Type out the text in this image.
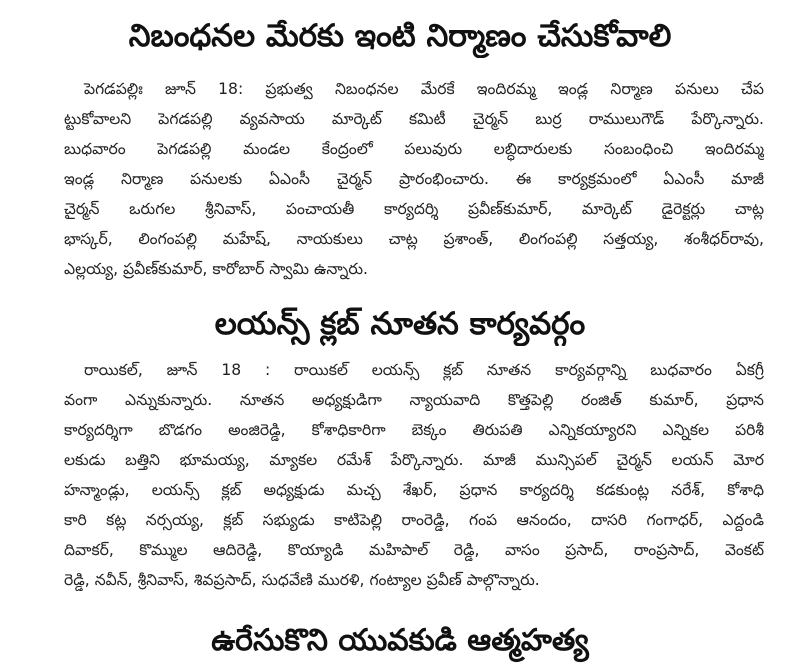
నిబంధనల మేరకు ఇంటి నిర్మాణం చేసుకోవాలి
పెగడపల్లిః జూన్ 18: ప్రభుత్వ నిబంధనల మేరకే ఇందిరమ్మ ఇండ్ల నిర్మాణ పనులు చేప
ట్టుకోవాలని పెగడపల్లి వ్యవసాయ మార్కెట్ కమిటీ చైర్మన్ బుర్ర రాములుగౌడ్ పేర్కొన్నారు.
బుధవారం పెగడపల్లి మండల కేంద్రంలో పలువురు లబ్ధిదారులకు సంబంధించి ఇందిరమ్మ
ఇండ్ల నిర్మాణ పనులకు ఏఎంసీ చైర్మన్ ప్రారంభించారు. ఈ కార్యక్రమంలో ఏఎంసీ మాజీ
చైర్మన్ ఒరుగల శ్రీనివాస్, పంచాయతీ కార్యదర్శి ప్రవీణ్‌కుమార్, మార్కెట్ డైరెక్టర్లు చాట్ల
భాస్కర్, లింగంపల్లి మహేష్, నాయకులు చాట్ల ప్రశాంత్, లింగంపల్లి సత్తయ్య, శంశీధర్‌రావు,
ఎల్లయ్య, ప్రవీణ్‌కుమార్, కారోబార్ స్వామి ఉన్నారు.
లయన్స్ క్లబ్ నూతన కార్యవర్గం
రాయికల్, జూన్ 18 : రాయికల్ లయన్స్ క్లబ్ నూతన కార్యవర్గాన్ని బుధవారం ఏకగ్రీ
వంగా ఎన్నుకున్నారు. నూతన అధ్యక్షుడిగా న్యాయవాది కొత్తపెల్లి రంజిత్ కుమార్, ప్రధాన
కార్యదర్శిగా బొడగం అంజిరెడ్డి, కోశాధికారిగా బెక్కం తిరుపతి ఎన్నికయ్యారని ఎన్నికల పరిశీ
లకుడు బత్తిని భూమయ్య, మ్యాకల రమేశ్ పేర్కొన్నారు. మాజీ మున్సిపల్ చైర్మన్ లయన్ మోర
హన్మాండ్లు, లయన్స్ క్లబ్ అధ్యక్షుడు మచ్చ శేఖర్, ప్రధాన కార్యదర్శి కడకుంట్ల నరేశ్, కోశాధి
కారి కట్ల నర్సయ్య, క్లబ్ సభ్యుడు కాటిపెల్లి రాంరెడ్డి, గంప ఆనందం, దాసరి గంగాధర్, ఎద్దండి
దివాకర్, కొమ్ముల ఆదిరెడ్డి, కొయ్యాడి మహిపాల్ రెడ్డి, వాసం ప్రసాద్, రాంప్రసాద్, వెంకట్
రెడ్డి, నవీన్, శ్రీనివాస్, శివప్రసాద్, సుధవేణి మురళి, గంట్యాల ప్రవీణ్ పాల్గొన్నారు.
ఉరేసుకొని యువకుడి ఆత్మహత్య
